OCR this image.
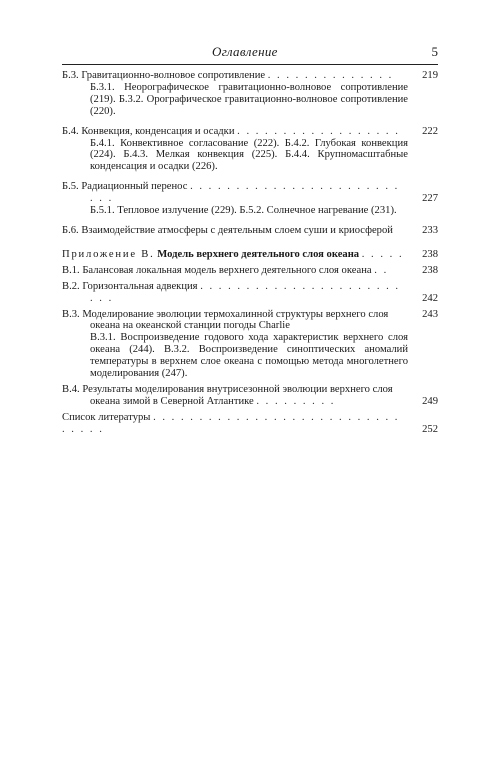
Оглавление	5
Б.3. Гравитационно-волновое сопротивление . . . . . . . . . . . . . .	219
Б.3.1. Неорографическое гравитационно-волновое сопротивление (219). Б.3.2. Орографическое гравитационно-волновое сопротивление (220).
Б.4. Конвекция, конденсация и осадки . . . . . . . . . . . . . . . . . . 222
Б.4.1. Конвективное согласование (222). Б.4.2. Глубокая конвекция (224). Б.4.3. Мелкая конвекция (225). Б.4.4. Крупномасштабные конденсация и осадки (226).
Б.5. Радиационный перенос . . . . . . . . . . . . . . . . . . . . . . . . . .	227
Б.5.1. Тепловое излучение (229). Б.5.2. Солнечное нагревание (231).
Б.6. Взаимодействие атмосферы с деятельным слоем суши и криосферой	233
Приложение В. Модель верхнего деятельного слоя океана . . . . . 238
В.1. Балансовая локальная модель верхнего деятельного слоя океана . .	238
В.2. Горизонтальная адвекция . . . . . . . . . . . . . . . . . . . . . . . . .	242
В.3. Моделирование эволюции термохалинной структуры верхнего слоя океана на океанской станции погоды Charlie
243
В.3.1. Воспроизведение годового хода характеристик верхнего слоя океана (244). В.3.2. Воспроизведение синоптических аномалий температуры в верхнем слое океана с помощью метода многолетнего моделирования (247).
В.4. Результаты моделирования внутрисезонной эволюции верхнего слоя океана зимой в Северной Атлантике . . . . . . . . .	249
Список литературы . . . . . . . . . . . . . . . . . . . . . . . . . . . . . . . .	252
